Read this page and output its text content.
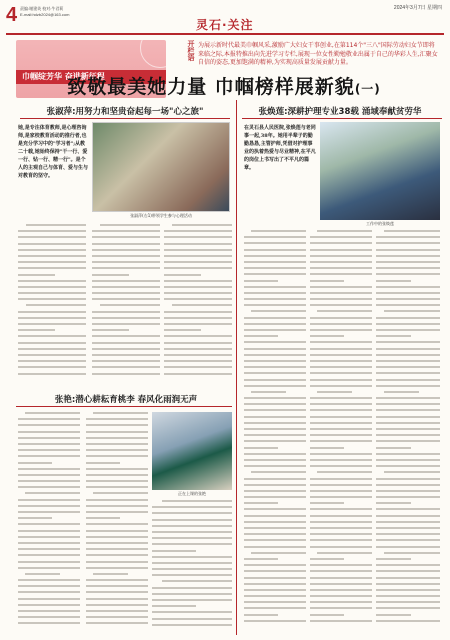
4 责编:谢建英 校对:牛君莉
E-mail:hdzb2024@163.com
2024年3月7日 星期四
灵石·关注
巾帼绽芳华 奋进新征程
开栏语 为展示新时代最美巾帼风采,激励广大妇女干事创业,在第114个"三八"国际劳动妇女节即将来临之际,本报特推出向先进学习专栏,展现一位女性勤勉敬业出属于自己的华彩人生,汇聚女自信的姿态,更加饱满的精神,为实现高质量发展贡献力量。
致敬最美她力量 巾帼榜样展新貌(一)
张淑萍:用努力和坚贵奋起每一场"心之旅"
她,是专注体育教师,是心理咨询师,是家校教育活动的推行者,也是充分学习中的"学习者";从教二十载,她始终保持"干一行、爱一行、钻一行、精一行"。是个人的主观自己与体育、爱与生与对教育的坚守。
张淑萍(右1)带领学生参与心理活动
张焕莲:深耕护理专业38载 涌域奉献贫劳华
在灵石县人民医院,张焕莲与老同事一起,38年。她用半辈子的勤勤恳恳,主管护师,凭借对护理事业的执着热爱与尽业精神,在平凡的岗位上书写出了不平凡的篇章。
工作中的张焕莲
张艳:潜心耕耘育桃李 春风化雨润无声
正在上课的张艳
